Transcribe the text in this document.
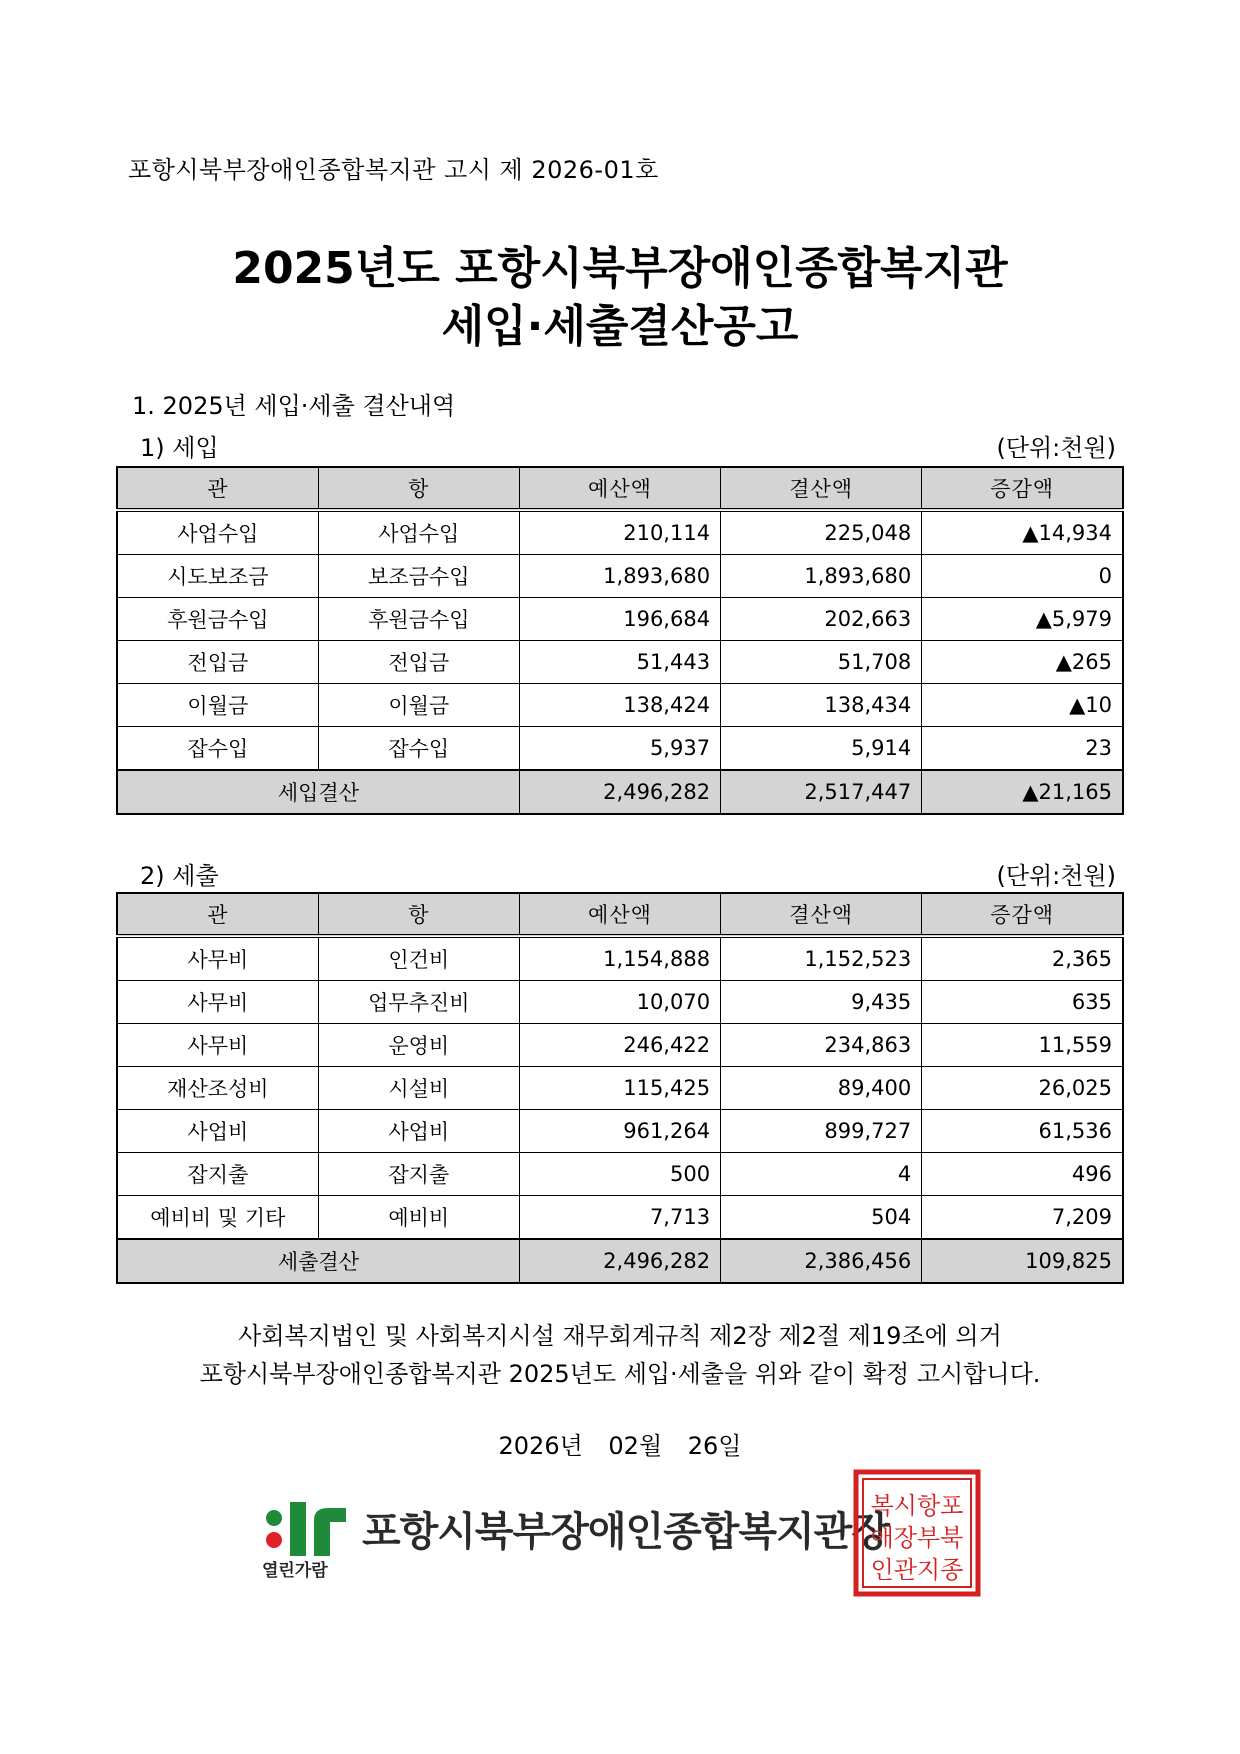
포항시북부장애인종합복지관 고시 제 2026-01호
2025년도 포항시북부장애인종합복지관
세입·세출결산공고
1. 2025년 세입·세출 결산내역
1) 세입	(단위:천원)
관	항	예산액	결산액	증감액
사업수입	사업수입	210,114	225,048	▲14,934
시도보조금	보조금수입	1,893,680	1,893,680	0
후원금수입	후원금수입	196,684	202,663	▲5,979
전입금	전입금	51,443	51,708	▲265
이월금	이월금	138,424	138,434	▲10
잡수입	잡수입	5,937	5,914	23
세입결산		2,496,282	2,517,447	▲21,165
2) 세출	(단위:천원)
관	항	예산액	결산액	증감액
사무비	인건비	1,154,888	1,152,523	2,365
사무비	업무추진비	10,070	9,435	635
사무비	운영비	246,422	234,863	11,559
재산조성비	시설비	115,425	89,400	26,025
사업비	사업비	961,264	899,727	61,536
잡지출	잡지출	500	4	496
예비비 및 기타	예비비	7,713	504	7,209
세출결산		2,496,282	2,386,456	109,825
사회복지법인 및 사회복지시설 재무회계규칙 제2장 제2절 제19조에 의거
포항시북부장애인종합복지관 2025년도 세입·세출을 위와 같이 확정 고시합니다.
2026년 02월 26일
열린가람
포항시북부장애인종합복지관장
복시항포
애장부북
인관지종
